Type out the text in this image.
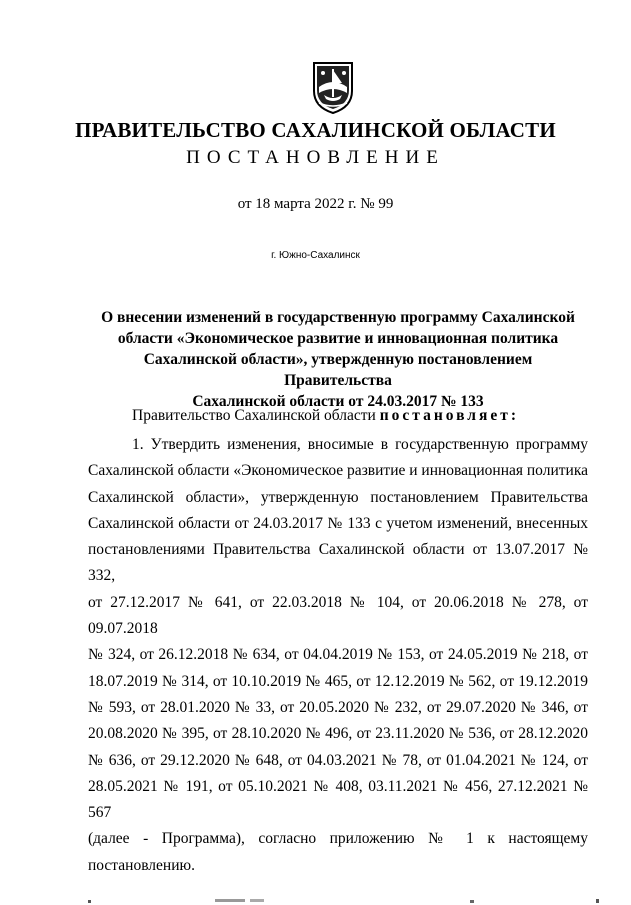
ПРАВИТЕЛЬСТВО САХАЛИНСКОЙ ОБЛАСТИ
ПОСТАНОВЛЕНИЕ
от 18 марта 2022 г. № 99
г. Южно-Сахалинск
О внесении изменений в государственную программу Сахалинской
области «Экономическое развитие и инновационная политика
Сахалинской области», утвержденную постановлением Правительства
Сахалинской области от 24.03.2017 № 133
Правительство Сахалинской области постановляет:
1. Утвердить изменения, вносимые в государственную программу
Сахалинской области «Экономическое развитие и инновационная политика
Сахалинской области», утвержденную постановлением Правительства
Сахалинской области от 24.03.2017 № 133 с учетом изменений, внесенных
постановлениями Правительства Сахалинской области от 13.07.2017 № 332,
от 27.12.2017 № 641, от 22.03.2018 № 104, от 20.06.2018 № 278, от 09.07.2018
№ 324, от 26.12.2018 № 634, от 04.04.2019 № 153, от 24.05.2019 № 218, от
18.07.2019 № 314, от 10.10.2019 № 465, от 12.12.2019 № 562, от 19.12.2019
№ 593, от 28.01.2020 № 33, от 20.05.2020 № 232, от 29.07.2020 № 346, от
20.08.2020 № 395, от 28.10.2020 № 496, от 23.11.2020 № 536, от 28.12.2020
№ 636, от 29.12.2020 № 648, от 04.03.2021 № 78, от 01.04.2021 № 124, от
28.05.2021 № 191, от 05.10.2021 № 408, 03.11.2021 № 456, 27.12.2021 № 567
(далее - Программа), согласно приложению № 1 к настоящему
постановлению.
